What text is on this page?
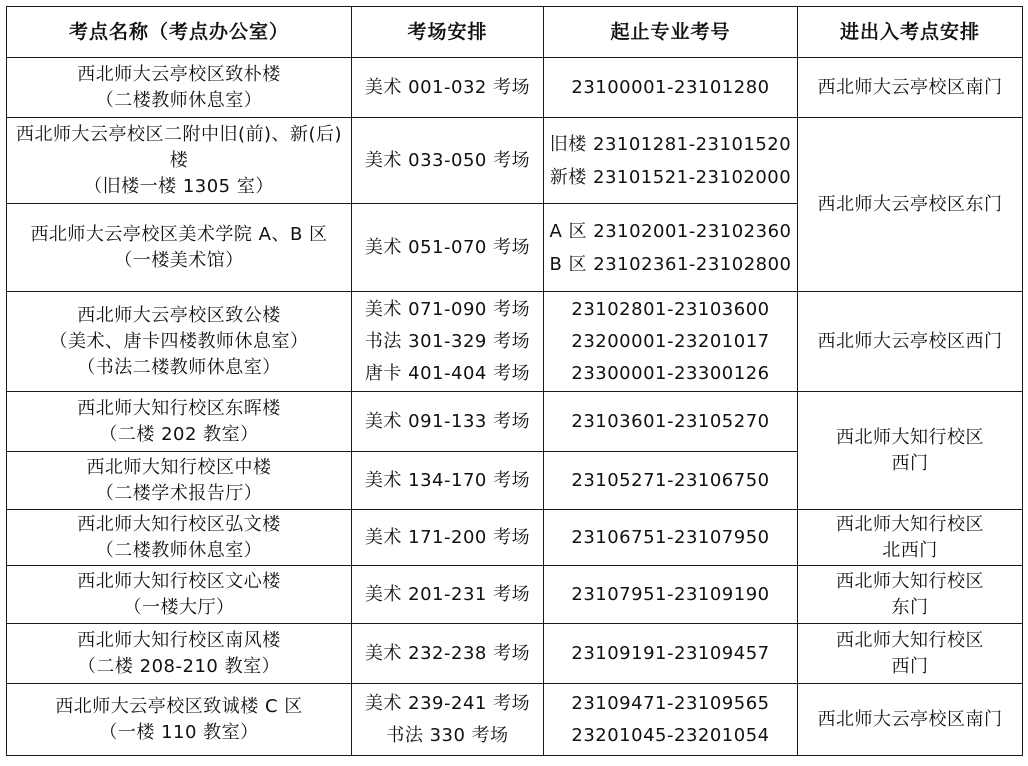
考点名称（考点办公室）	考场安排	起止专业考号	进出入考点安排

西北师大云亭校区致朴楼
（二楼教师休息室）	美术 001-032 考场	23100001-23101280	西北师大云亭校区南门

西北师大云亭校区二附中旧(前)、新(后)楼
（旧楼一楼 1305 室）	美术 033-050 考场	旧楼 23101281-23101520
新楼 23101521-23102000	西北师大云亭校区东门

西北师大云亭校区美术学院 A、B 区
（一楼美术馆）	美术 051-070 考场	A 区 23102001-23102360
B 区 23102361-23102800	

西北师大云亭校区致公楼
（美术、唐卡四楼教师休息室）
（书法二楼教师休息室）	美术 071-090 考场
书法 301-329 考场
唐卡 401-404 考场	23102801-23103600
23200001-23201017
23300001-23300126	西北师大云亭校区西门

西北师大知行校区东晖楼
（二楼 202 教室）	美术 091-133 考场	23103601-23105270	西北师大知行校区
西门

西北师大知行校区中楼
（二楼学术报告厅）	美术 134-170 考场	23105271-23106750	

西北师大知行校区弘文楼
（二楼教师休息室）	美术 171-200 考场	23106751-23107950	西北师大知行校区
北西门

西北师大知行校区文心楼
（一楼大厅）	美术 201-231 考场	23107951-23109190	西北师大知行校区
东门

西北师大知行校区南风楼
（二楼 208-210 教室）	美术 232-238 考场	23109191-23109457	西北师大知行校区
西门

西北师大云亭校区致诚楼 C 区
（一楼 110 教室）	美术 239-241 考场
书法 330 考场	23109471-23109565
23201045-23201054	西北师大云亭校区南门
